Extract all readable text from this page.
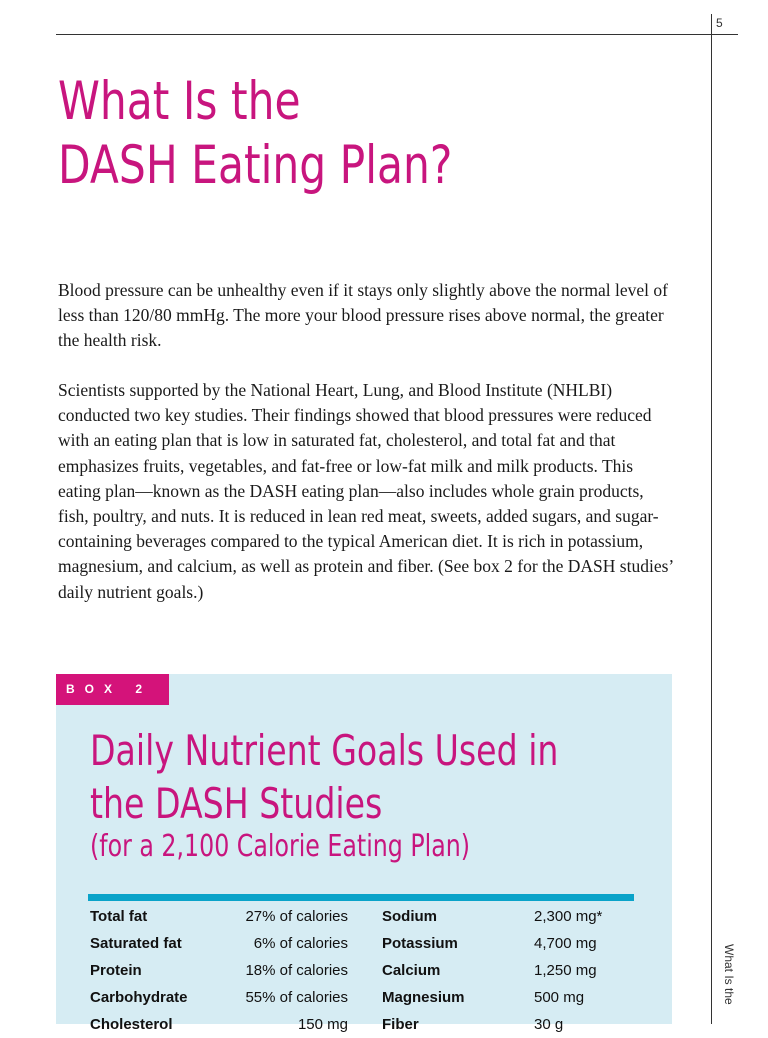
5
What Is the
What Is the
DASH Eating Plan?

Blood pressure can be unhealthy even if it stays only slightly above the normal level of less than 120/80 mmHg. The more your blood pressure rises above normal, the greater the health risk.

Scientists supported by the National Heart, Lung, and Blood Institute (NHLBI) conducted two key studies. Their findings showed that blood pressures were reduced with an eating plan that is low in saturated fat, cholesterol, and total fat and that emphasizes fruits, vegetables, and fat-free or low-fat milk and milk products. This eating plan—known as the DASH eating plan—also includes whole grain products, fish, poultry, and nuts. It is reduced in lean red meat, sweets, added sugars, and sugar-containing beverages compared to the typical American diet. It is rich in potassium, magnesium, and calcium, as well as protein and fiber. (See box 2 for the DASH studies’ daily nutrient goals.)

BOX 2
Daily Nutrient Goals Used in
the DASH Studies
(for a 2,100 Calorie Eating Plan)
Total fat	27% of calories	Sodium	2,300 mg*
Saturated fat	6% of calories	Potassium	4,700 mg
Protein	18% of calories	Calcium	1,250 mg
Carbohydrate	55% of calories	Magnesium	500 mg
Cholesterol	150 mg	Fiber	30 g
